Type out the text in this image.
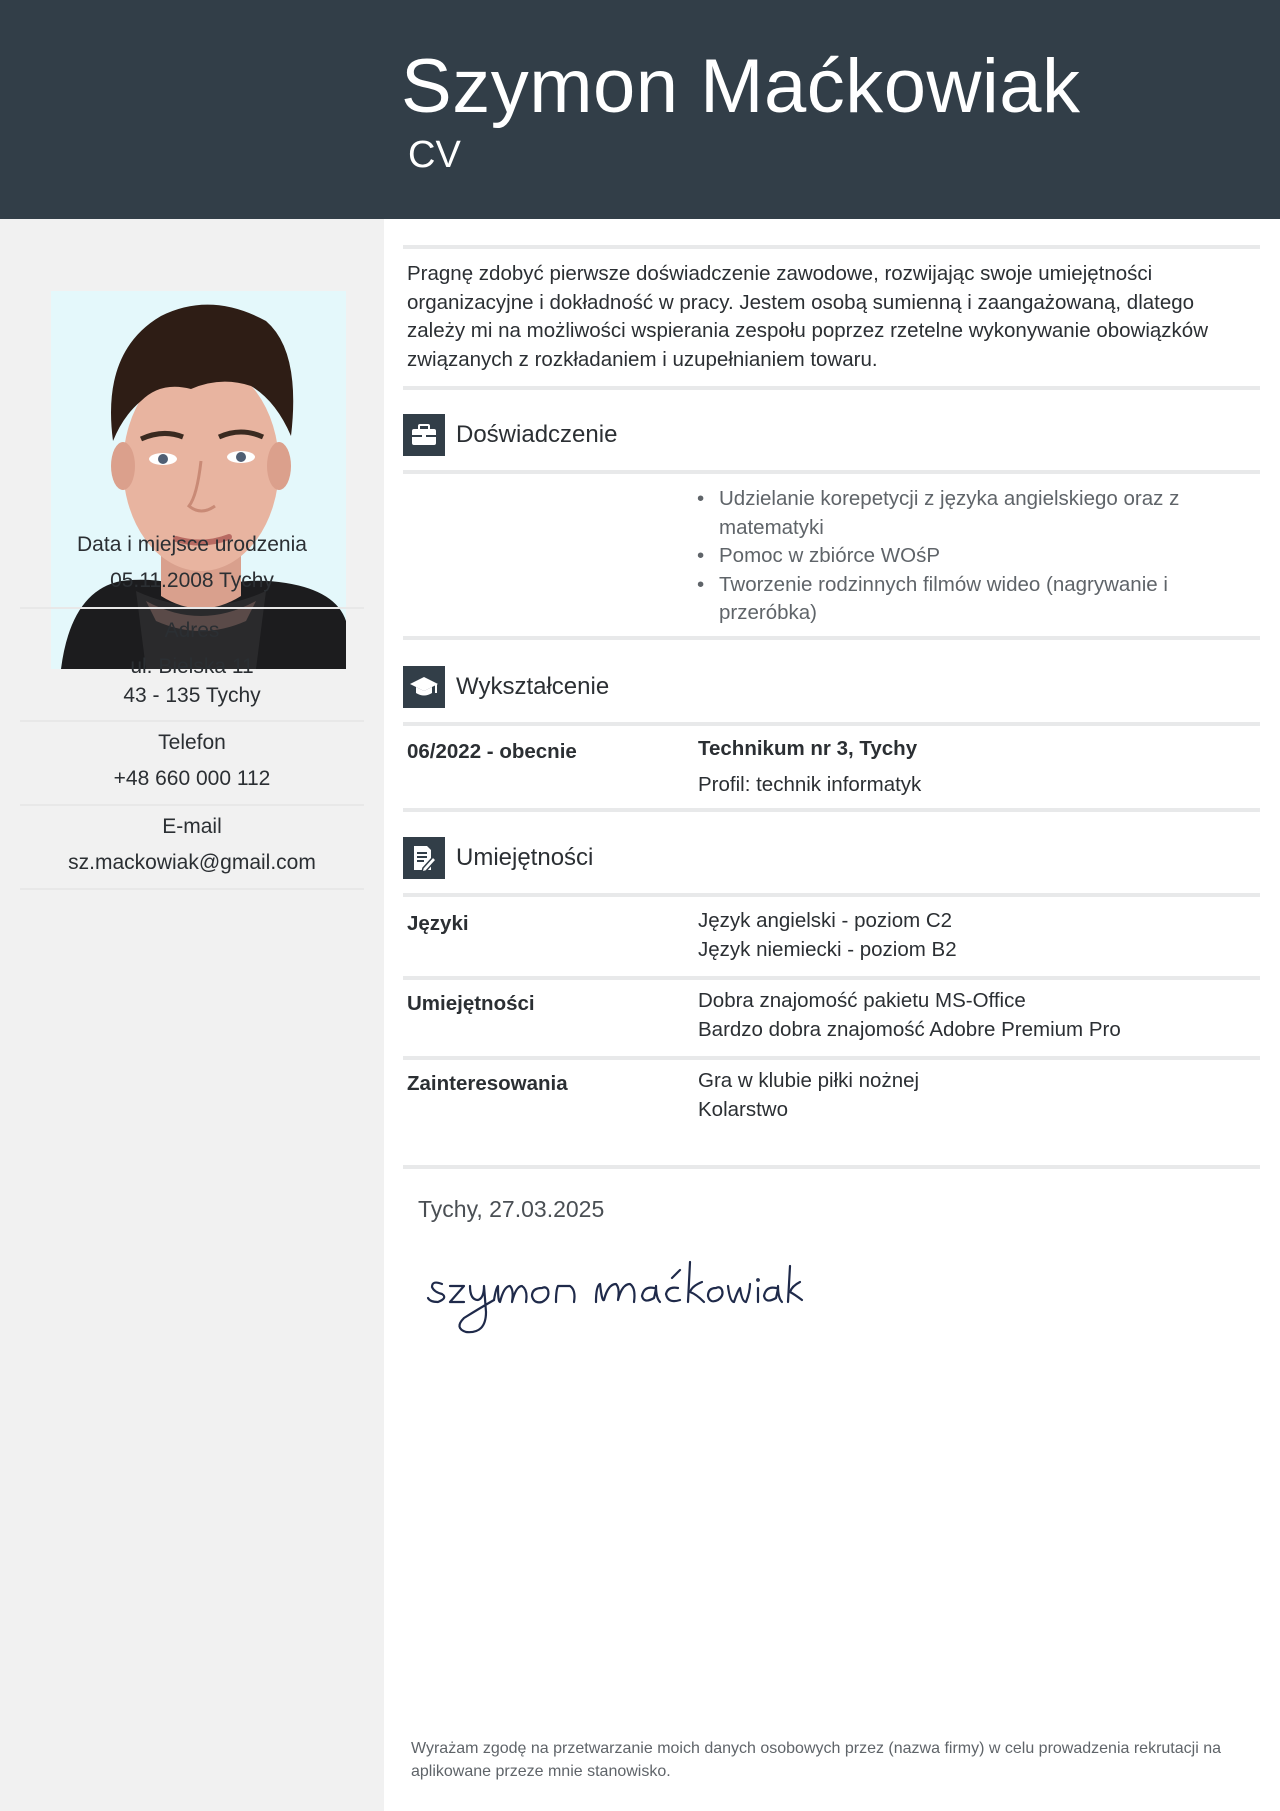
Szymon Maćkowiak
CV
Data i miejsce urodzenia
05.11.2008 Tychy
Adres
ul. Bielska 11
43 - 135 Tychy
Telefon
+48 660 000 112
E-mail
sz.mackowiak@gmail.com
Pragnę zdobyć pierwsze doświadczenie zawodowe, rozwijając swoje umiejętności organizacyjne i dokładność w pracy. Jestem osobą sumienną i zaangażowaną, dlatego zależy mi na możliwości wspierania zespołu poprzez rzetelne wykonywanie obowiązków związanych z rozkładaniem i uzupełnianiem towaru.
Doświadczenie
• Udzielanie korepetycji z języka angielskiego oraz z matematyki
• Pomoc w zbiórce WOśP
• Tworzenie rodzinnych filmów wideo (nagrywanie i przeróbka)
Wykształcenie
06/2022 - obecnie	Technikum nr 3, Tychy
Profil: technik informatyk
Umiejętności
Języki	Język angielski - poziom C2
Język niemiecki - poziom B2
Umiejętności	Dobra znajomość pakietu MS-Office
Bardzo dobra znajomość Adobre Premium Pro
Zainteresowania	Gra w klubie piłki nożnej
Kolarstwo
Tychy, 27.03.2025
Wyrażam zgodę na przetwarzanie moich danych osobowych przez (nazwa firmy) w celu prowadzenia rekrutacji na aplikowane przeze mnie stanowisko.
